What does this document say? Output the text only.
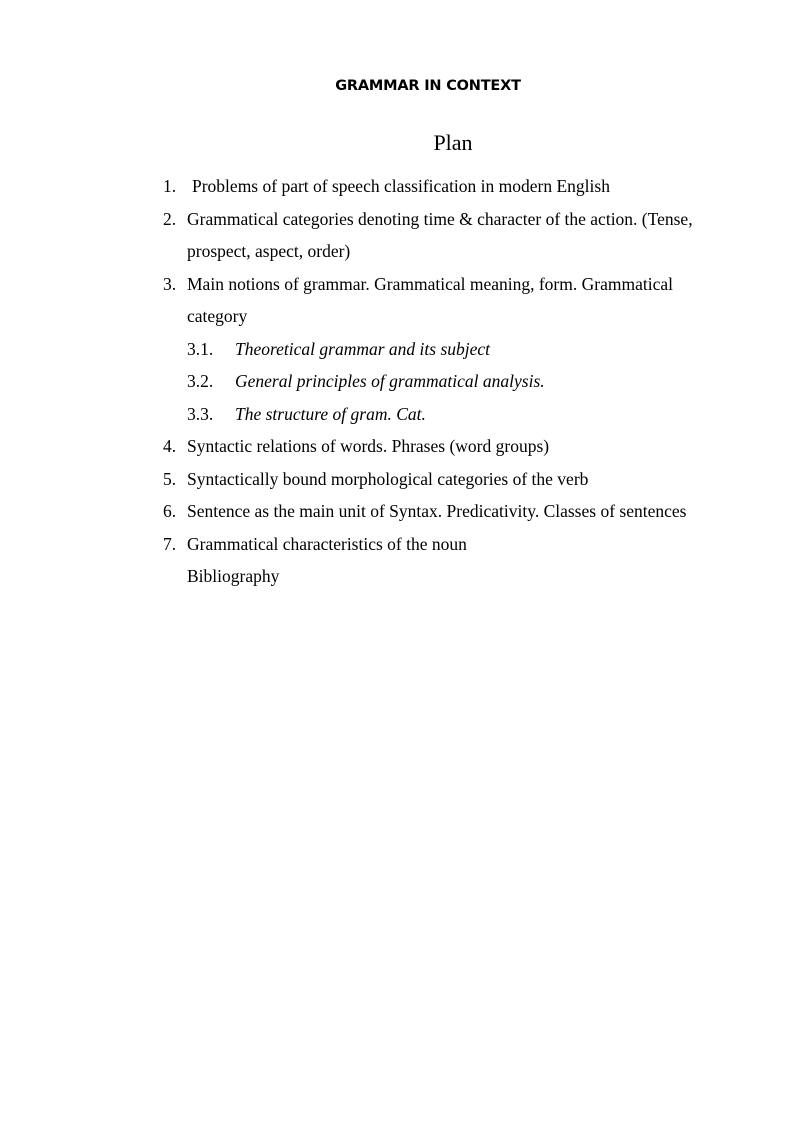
GRAMMAR IN CONTEXT
Plan
1. Problems of part of speech classification in modern English
2. Grammatical categories denoting time & character of the action. (Tense,
prospect, aspect, order)
3. Main notions of grammar. Grammatical meaning, form. Grammatical
category
3.1. Theoretical grammar and its subject
3.2. General principles of grammatical analysis.
3.3. The structure of gram. Cat.
4. Syntactic relations of words. Phrases (word groups)
5. Syntactically bound morphological categories of the verb
6. Sentence as the main unit of Syntax. Predicativity. Classes of sentences
7. Grammatical characteristics of the noun
Bibliography
